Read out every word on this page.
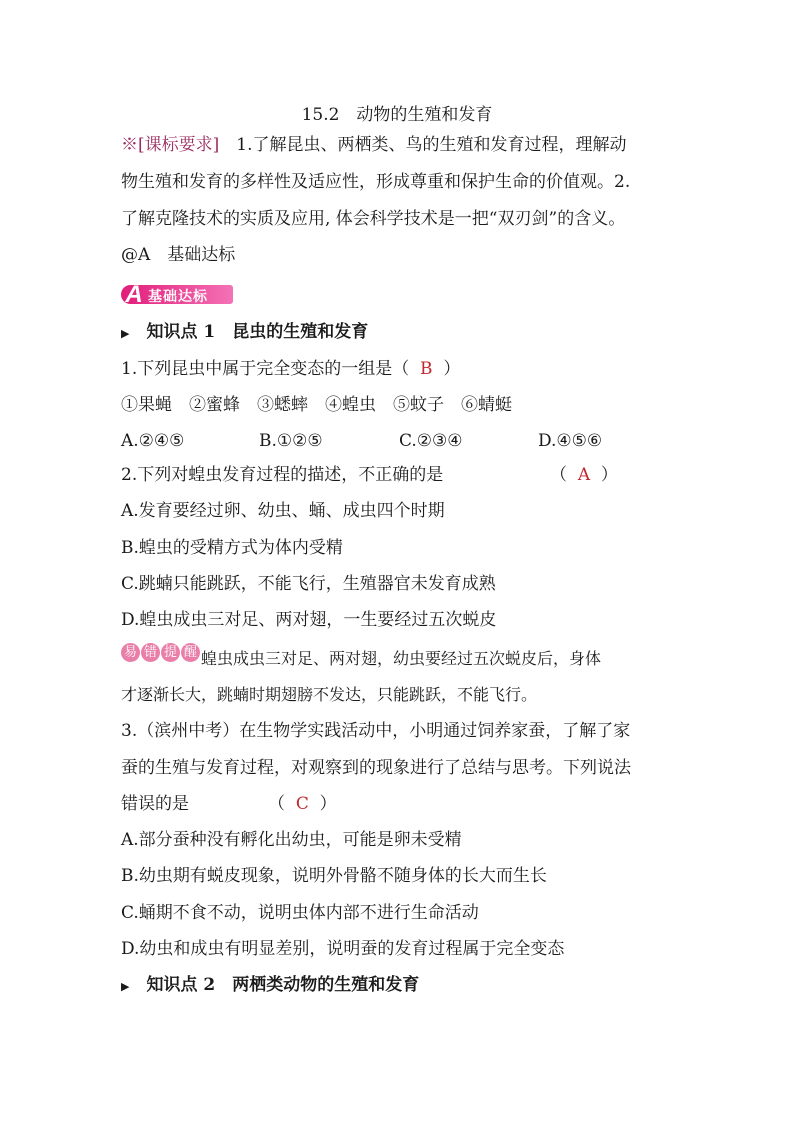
15.2　动物的生殖和发育
※[课标要求]　1.了解昆虫、两栖类、鸟的生殖和发育过程，理解动
物生殖和发育的多样性及适应性，形成尊重和保护生命的价值观。2.
了解克隆技术的实质及应用, 体会科学技术是一把“双刃剑”的含义。
@A　基础达标
A 基础达标
▶　 知识点 1　昆虫的生殖和发育
1.下列昆虫中属于完全变态的一组是（ B ）
①果蝇　②蜜蜂　③蟋蟀　④蝗虫　⑤蚊子　⑥蜻蜓
A.②④⑤	B.①②⑤	C.②③④	D.④⑤⑥
2.下列对蝗虫发育过程的描述，不正确的是	（ A ）
A.发育要经过卵、幼虫、蛹、成虫四个时期
B.蝗虫的受精方式为体内受精
C.跳蝻只能跳跃，不能飞行，生殖器官未发育成熟
D.蝗虫成虫三对足、两对翅，一生要经过五次蜕皮
易 错 提 醒 蝗虫成虫三对足、两对翅，幼虫要经过五次蜕皮后，身体
才逐渐长大，跳蝻时期翅膀不发达，只能跳跃，不能飞行。
3.（滨州中考）在生物学实践活动中，小明通过饲养家蚕，了解了家
蚕的生殖与发育过程，对观察到的现象进行了总结与思考。下列说法
错误的是	（ C ）
A.部分蚕种没有孵化出幼虫，可能是卵未受精
B.幼虫期有蜕皮现象，说明外骨骼不随身体的长大而生长
C.蛹期不食不动，说明虫体内部不进行生命活动
D.幼虫和成虫有明显差别，说明蚕的发育过程属于完全变态
▶　 知识点 2　两栖类动物的生殖和发育
